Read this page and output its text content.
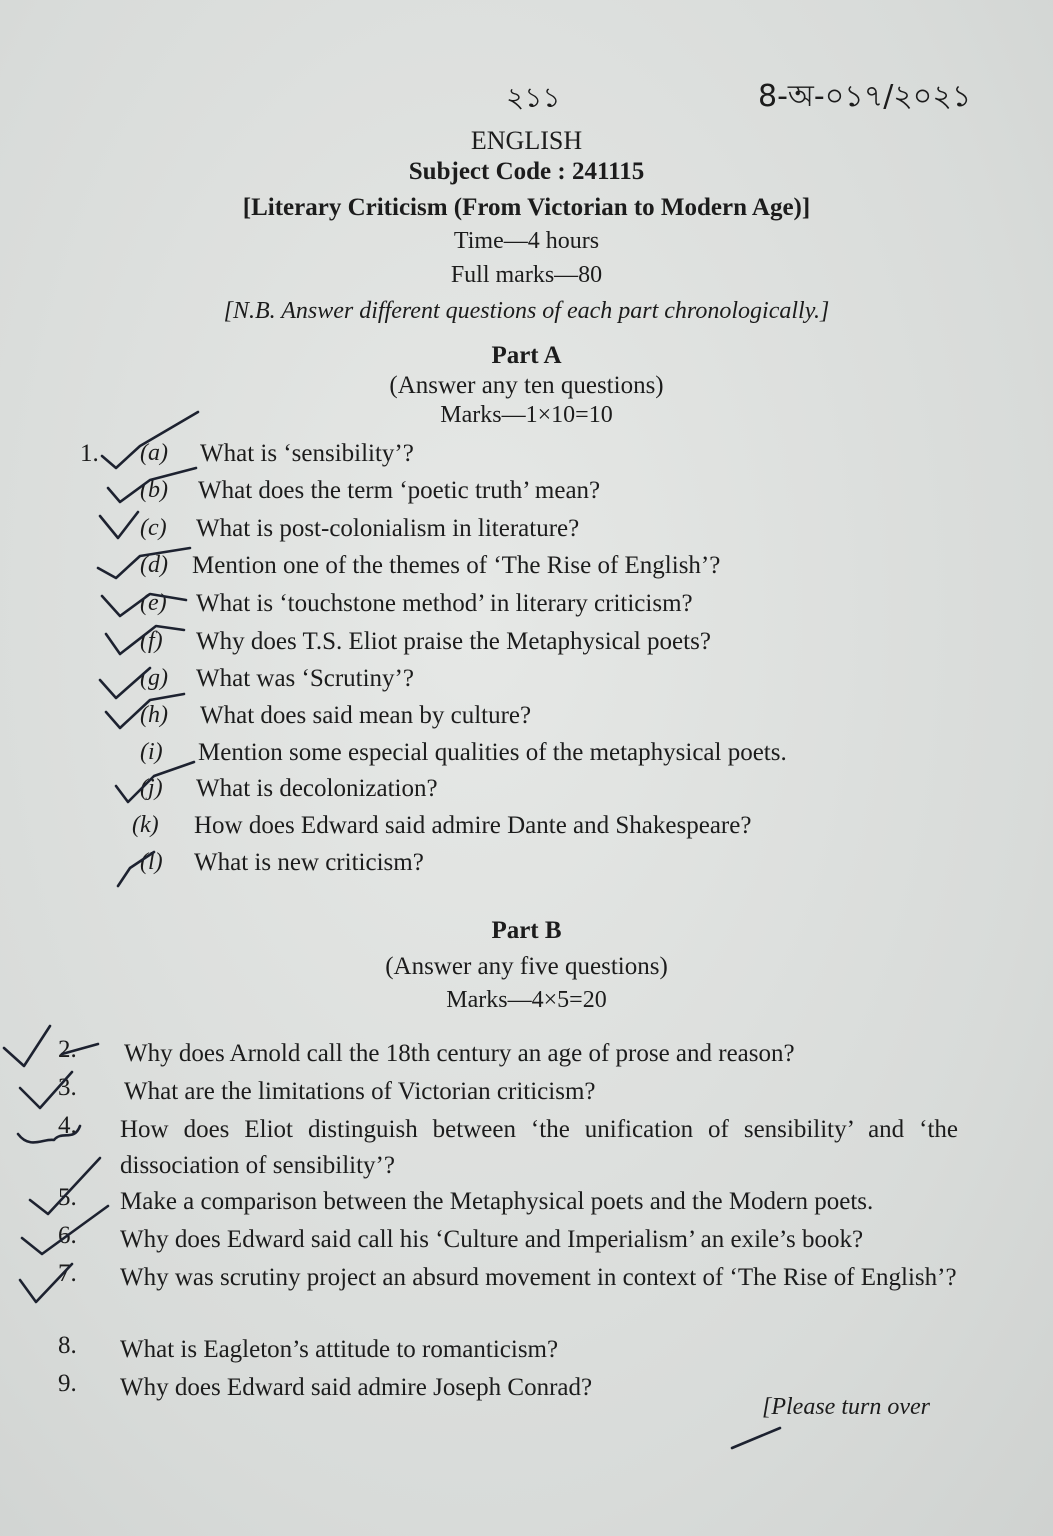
২১১	8-অ-০১৭/২০২১
ENGLISH
Subject Code : 241115
[Literary Criticism (From Victorian to Modern Age)]
Time—4 hours
Full marks—80
[N.B. Answer different questions of each part chronologically.]
Part A
(Answer any ten questions)
Marks—1×10=10
1. (a) What is ‘sensibility’?
(b) What does the term ‘poetic truth’ mean?
(c) What is post-colonialism in literature?
(d) Mention one of the themes of ‘The Rise of English’?
(e) What is ‘touchstone method’ in literary criticism?
(f) Why does T.S. Eliot praise the Metaphysical poets?
(g) What was ‘Scrutiny’?
(h) What does said mean by culture?
(i) Mention some especial qualities of the metaphysical poets.
(j) What is decolonization?
(k) How does Edward said admire Dante and Shakespeare?
(l) What is new criticism?
Part B
(Answer any five questions)
Marks—4×5=20
2. Why does Arnold call the 18th century an age of prose and reason?
3. What are the limitations of Victorian criticism?
4. How does Eliot distinguish between ‘the unification of sensibility’ and ‘the dissociation of sensibility’?
5. Make a comparison between the Metaphysical poets and the Modern poets.
6. Why does Edward said call his ‘Culture and Imperialism’ an exile’s book?
7. Why was scrutiny project an absurd movement in context of ‘The Rise of English’?
8. What is Eagleton’s attitude to romanticism?
9. Why does Edward said admire Joseph Conrad?
[Please turn over
